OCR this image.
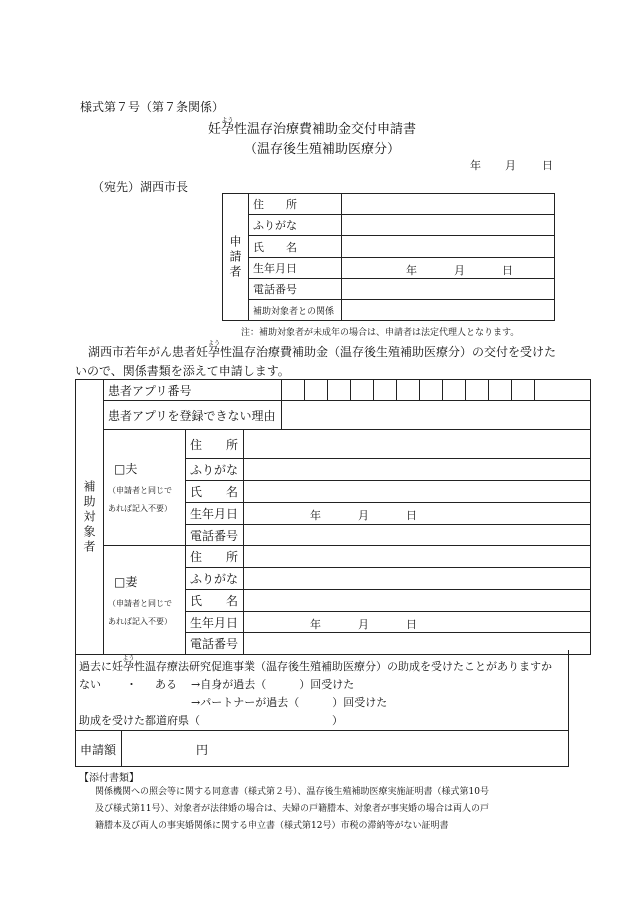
様式第７号（第７条関係）
妊
よう
孕性温存治療費補助金交付申請書
（温存後生殖補助医療分）
年 月 日
（宛先）湖西市長
申請者	住　　所	
	ふりがな	
	氏　　名	
	生年月日	年 月 日

	電話番号	
	補助対象者との関係	
注：補助対象者が未成年の場合は、申請者は法定代理人となります。
湖西市若年がん患者妊
よう
孕性温存治療費補助金（温存後生殖補助医療分）の交付を受けた
いので、関係書類を添えて申請します。
補助対象者	患者アプリ番号														
	患者アプリを登録できない理由														

	□夫
（申請者と同じで
あれば記入不要）	住　　所													
		ふりがな													
		氏　　名													
		生年月日	年 月 日												

		電話番号													

	□妻
（申請者と同じで
あれば記入不要）	住　　所													
		ふりがな													
		氏　　名													
		生年月日	年 月 日												

		電話番号													
過去に妊
よう
孕性温存療法研究促進事業（温存後生殖補助医療分）の助成を受けたことがありますか
ない ・ ある →自身が過去（　　　）回受けた
→パートナーが過去（　　　）回受けた
助成を受けた都道府県（　　　　　　　　　　　　）
申請額	円
【添付書類】
関係機関への照会等に関する同意書（様式第２号）、温存後生殖補助医療実施証明書（様式第10号
及び様式第11号）、対象者が法律婚の場合は、夫婦の戸籍謄本、対象者が事実婚の場合は両人の戸
籍謄本及び両人の事実婚関係に関する申立書（様式第12号）市税の滞納等がない証明書
